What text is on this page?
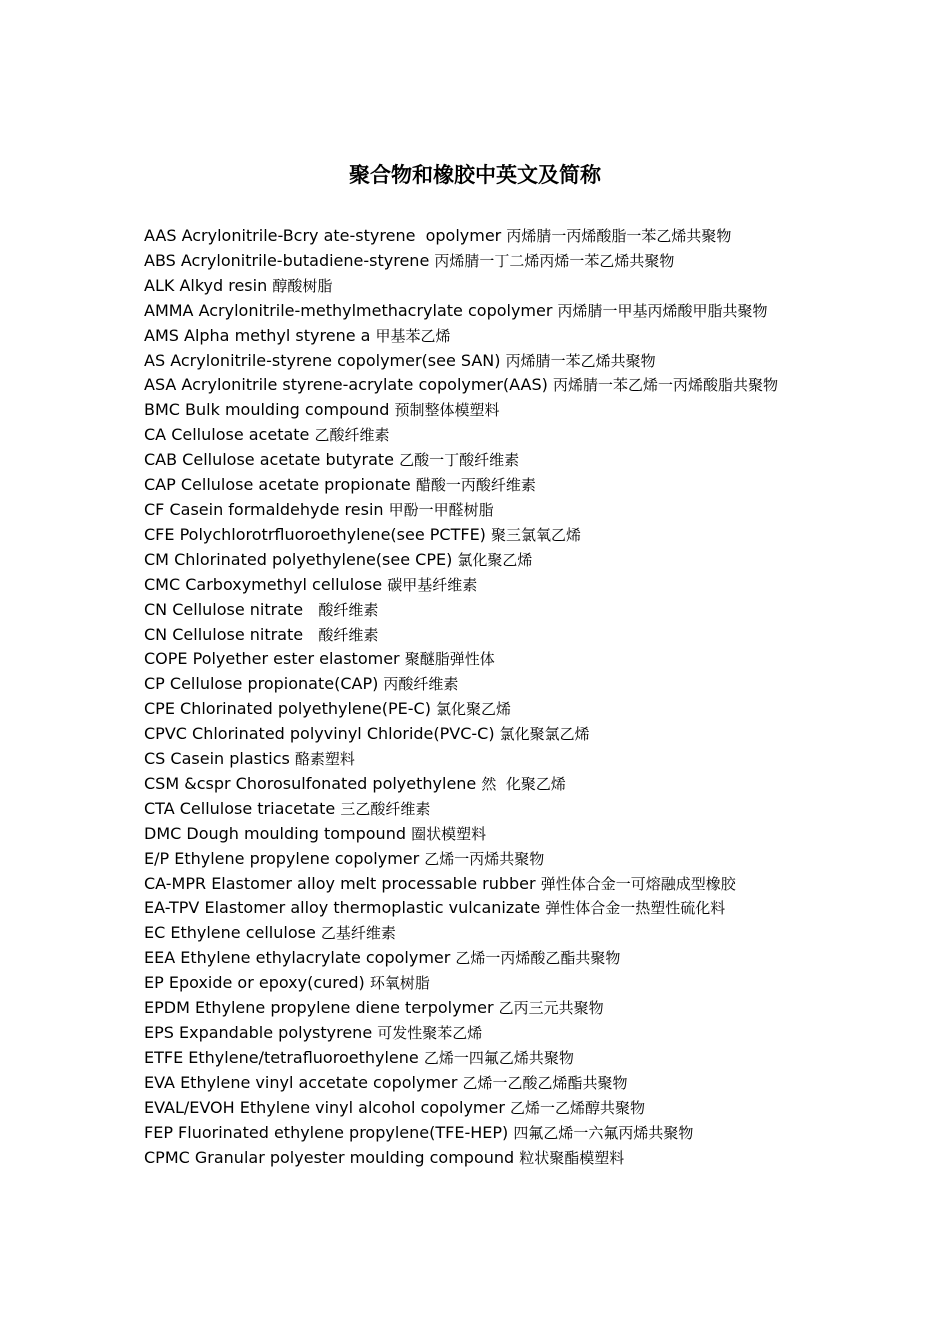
聚合物和橡胶中英文及简称
AAS Acrylonitrile-Bcry ate-styrene  opolymer 丙烯腈一丙烯酸脂一苯乙烯共聚物
ABS Acrylonitrile-butadiene-styrene 丙烯腈一丁二烯丙烯一苯乙烯共聚物
ALK Alkyd resin 醇酸树脂
AMMA Acrylonitrile-methylmethacrylate copolymer 丙烯腈一甲基丙烯酸甲脂共聚物
AMS Alpha methyl styrene a 甲基苯乙烯
AS Acrylonitrile-styrene copolymer(see SAN) 丙烯腈一苯乙烯共聚物
ASA Acrylonitrile styrene-acrylate copolymer(AAS) 丙烯腈一苯乙烯一丙烯酸脂共聚物
BMC Bulk moulding compound 预制整体模塑料
CA Cellulose acetate 乙酸纤维素
CAB Cellulose acetate butyrate 乙酸一丁酸纤维素
CAP Cellulose acetate propionate 醋酸一丙酸纤维素
CF Casein formaldehyde resin 甲酚一甲醛树脂
CFE Polychlorotrfluoroethylene(see PCTFE) 聚三氯氧乙烯
CM Chlorinated polyethylene(see CPE) 氯化聚乙烯
CMC Carboxymethyl cellulose 碳甲基纤维素
CN Cellulose nitrate   酸纤维素
CN Cellulose nitrate   酸纤维素
COPE Polyether ester elastomer 聚醚脂弹性体
CP Cellulose propionate(CAP) 丙酸纤维素
CPE Chlorinated polyethylene(PE-C) 氯化聚乙烯
CPVC Chlorinated polyvinyl Chloride(PVC-C) 氯化聚氯乙烯
CS Casein plastics 酪素塑料
CSM &cspr Chorosulfonated polyethylene 然  化聚乙烯
CTA Cellulose triacetate 三乙酸纤维素
DMC Dough moulding tompound 圈状模塑料
E/P Ethylene propylene copolymer 乙烯一丙烯共聚物
CA-MPR Elastomer alloy melt processable rubber 弹性体合金一可熔融成型橡胶
EA-TPV Elastomer alloy thermoplastic vulcanizate 弹性体合金一热塑性硫化料
EC Ethylene cellulose 乙基纤维素
EEA Ethylene ethylacrylate copolymer 乙烯一丙烯酸乙酯共聚物
EP Epoxide or epoxy(cured) 环氧树脂
EPDM Ethylene propylene diene terpolymer 乙丙三元共聚物
EPS Expandable polystyrene 可发性聚苯乙烯
ETFE Ethylene/tetrafluoroethylene 乙烯一四氟乙烯共聚物
EVA Ethylene vinyl accetate copolymer 乙烯一乙酸乙烯酯共聚物
EVAL/EVOH Ethylene vinyl alcohol copolymer 乙烯一乙烯醇共聚物
FEP Fluorinated ethylene propylene(TFE-HEP) 四氟乙烯一六氟丙烯共聚物
CPMC Granular polyester moulding compound 粒状聚酯模塑料
